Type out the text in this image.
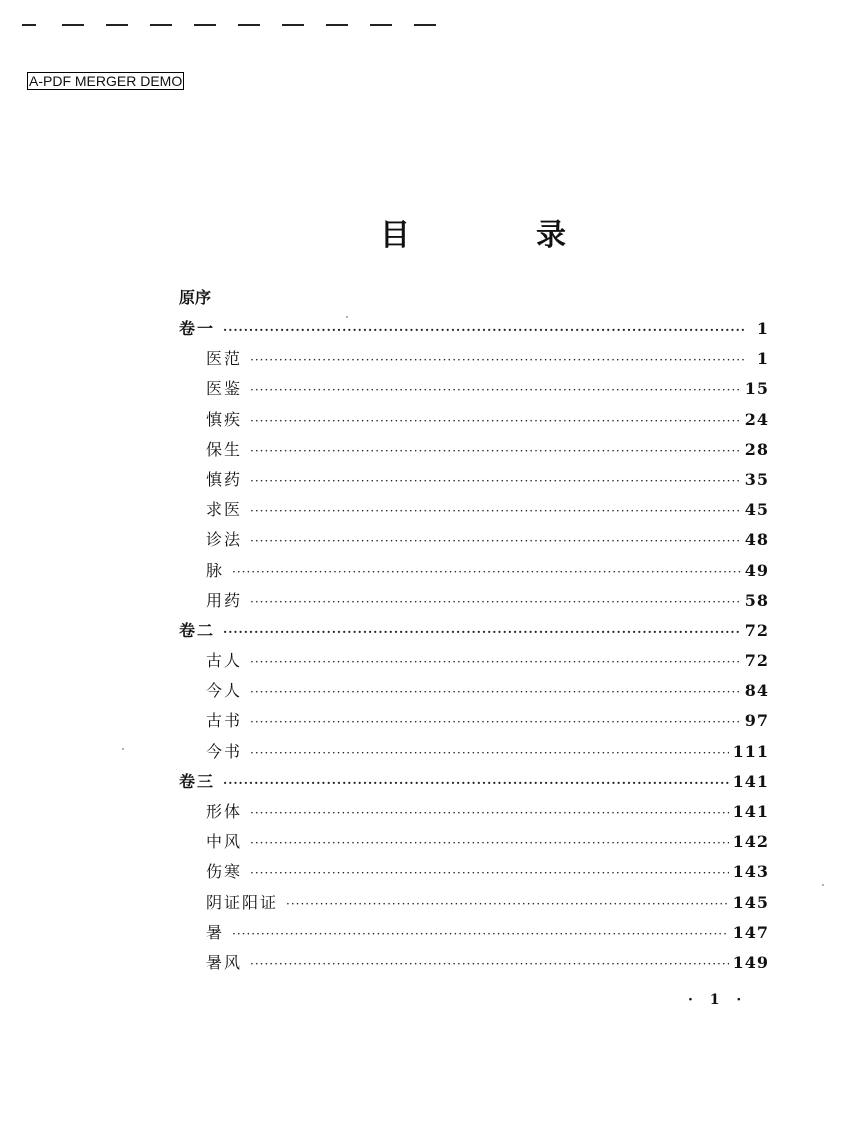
A-PDF MERGER DEMO
目　录
原序
卷一 ·····	1
医范 ·····	1
医鉴 ·····	15
慎疾 ·····	24
保生 ·····	28
慎药 ·····	35
求医 ·····	45
诊法 ·····	48
脉 ·····	49
用药 ·····	58
卷二 ·····	72
古人 ·····	72
今人 ·····	84
古书 ·····	97
今书 ·····	111
卷三 ·····	141
形体 ·····	141
中风 ·····	142
伤寒 ·····	143
阴证阳证 ·····	145
暑 ·····	147
暑风 ·····	149
· 1 ·
